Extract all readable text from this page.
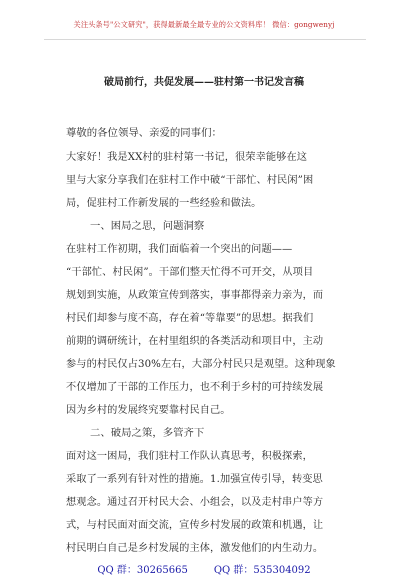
关注头条号"公文研究"，获得最新最全最专业的公文资料库！ 微信：gongwenyj
破局前行，共促发展——驻村第一书记发言稿
尊敬的各位领导、亲爱的同事们：
大家好！我是XX村的驻村第一书记，很荣幸能够在这
里与大家分享我们在驻村工作中破“干部忙、村民闲”困
局，促驻村工作新发展的一些经验和做法。
一、困局之思，问题洞察
在驻村工作初期，我们面临着一个突出的问题——
“干部忙、村民闲”。干部们整天忙得不可开交，从项目
规划到实施，从政策宣传到落实，事事都得亲力亲为，而
村民们却参与度不高，存在着“等靠要”的思想。据我们
前期的调研统计，在村里组织的各类活动和项目中，主动
参与的村民仅占30%左右，大部分村民只是观望。这种现象
不仅增加了干部的工作压力，也不利于乡村的可持续发展
因为乡村的发展终究要靠村民自己。
二、破局之策，多管齐下
面对这一困局，我们驻村工作队认真思考，积极探索，
采取了一系列有针对性的措施。1.加强宣传引导，转变思
想观念。通过召开村民大会、小组会，以及走村串户等方
式，与村民面对面交流，宣传乡村发展的政策和机遇，让
村民明白自己是乡村发展的主体，激发他们的内生动力。
QQ 群：30265665	QQ 群：535304092
